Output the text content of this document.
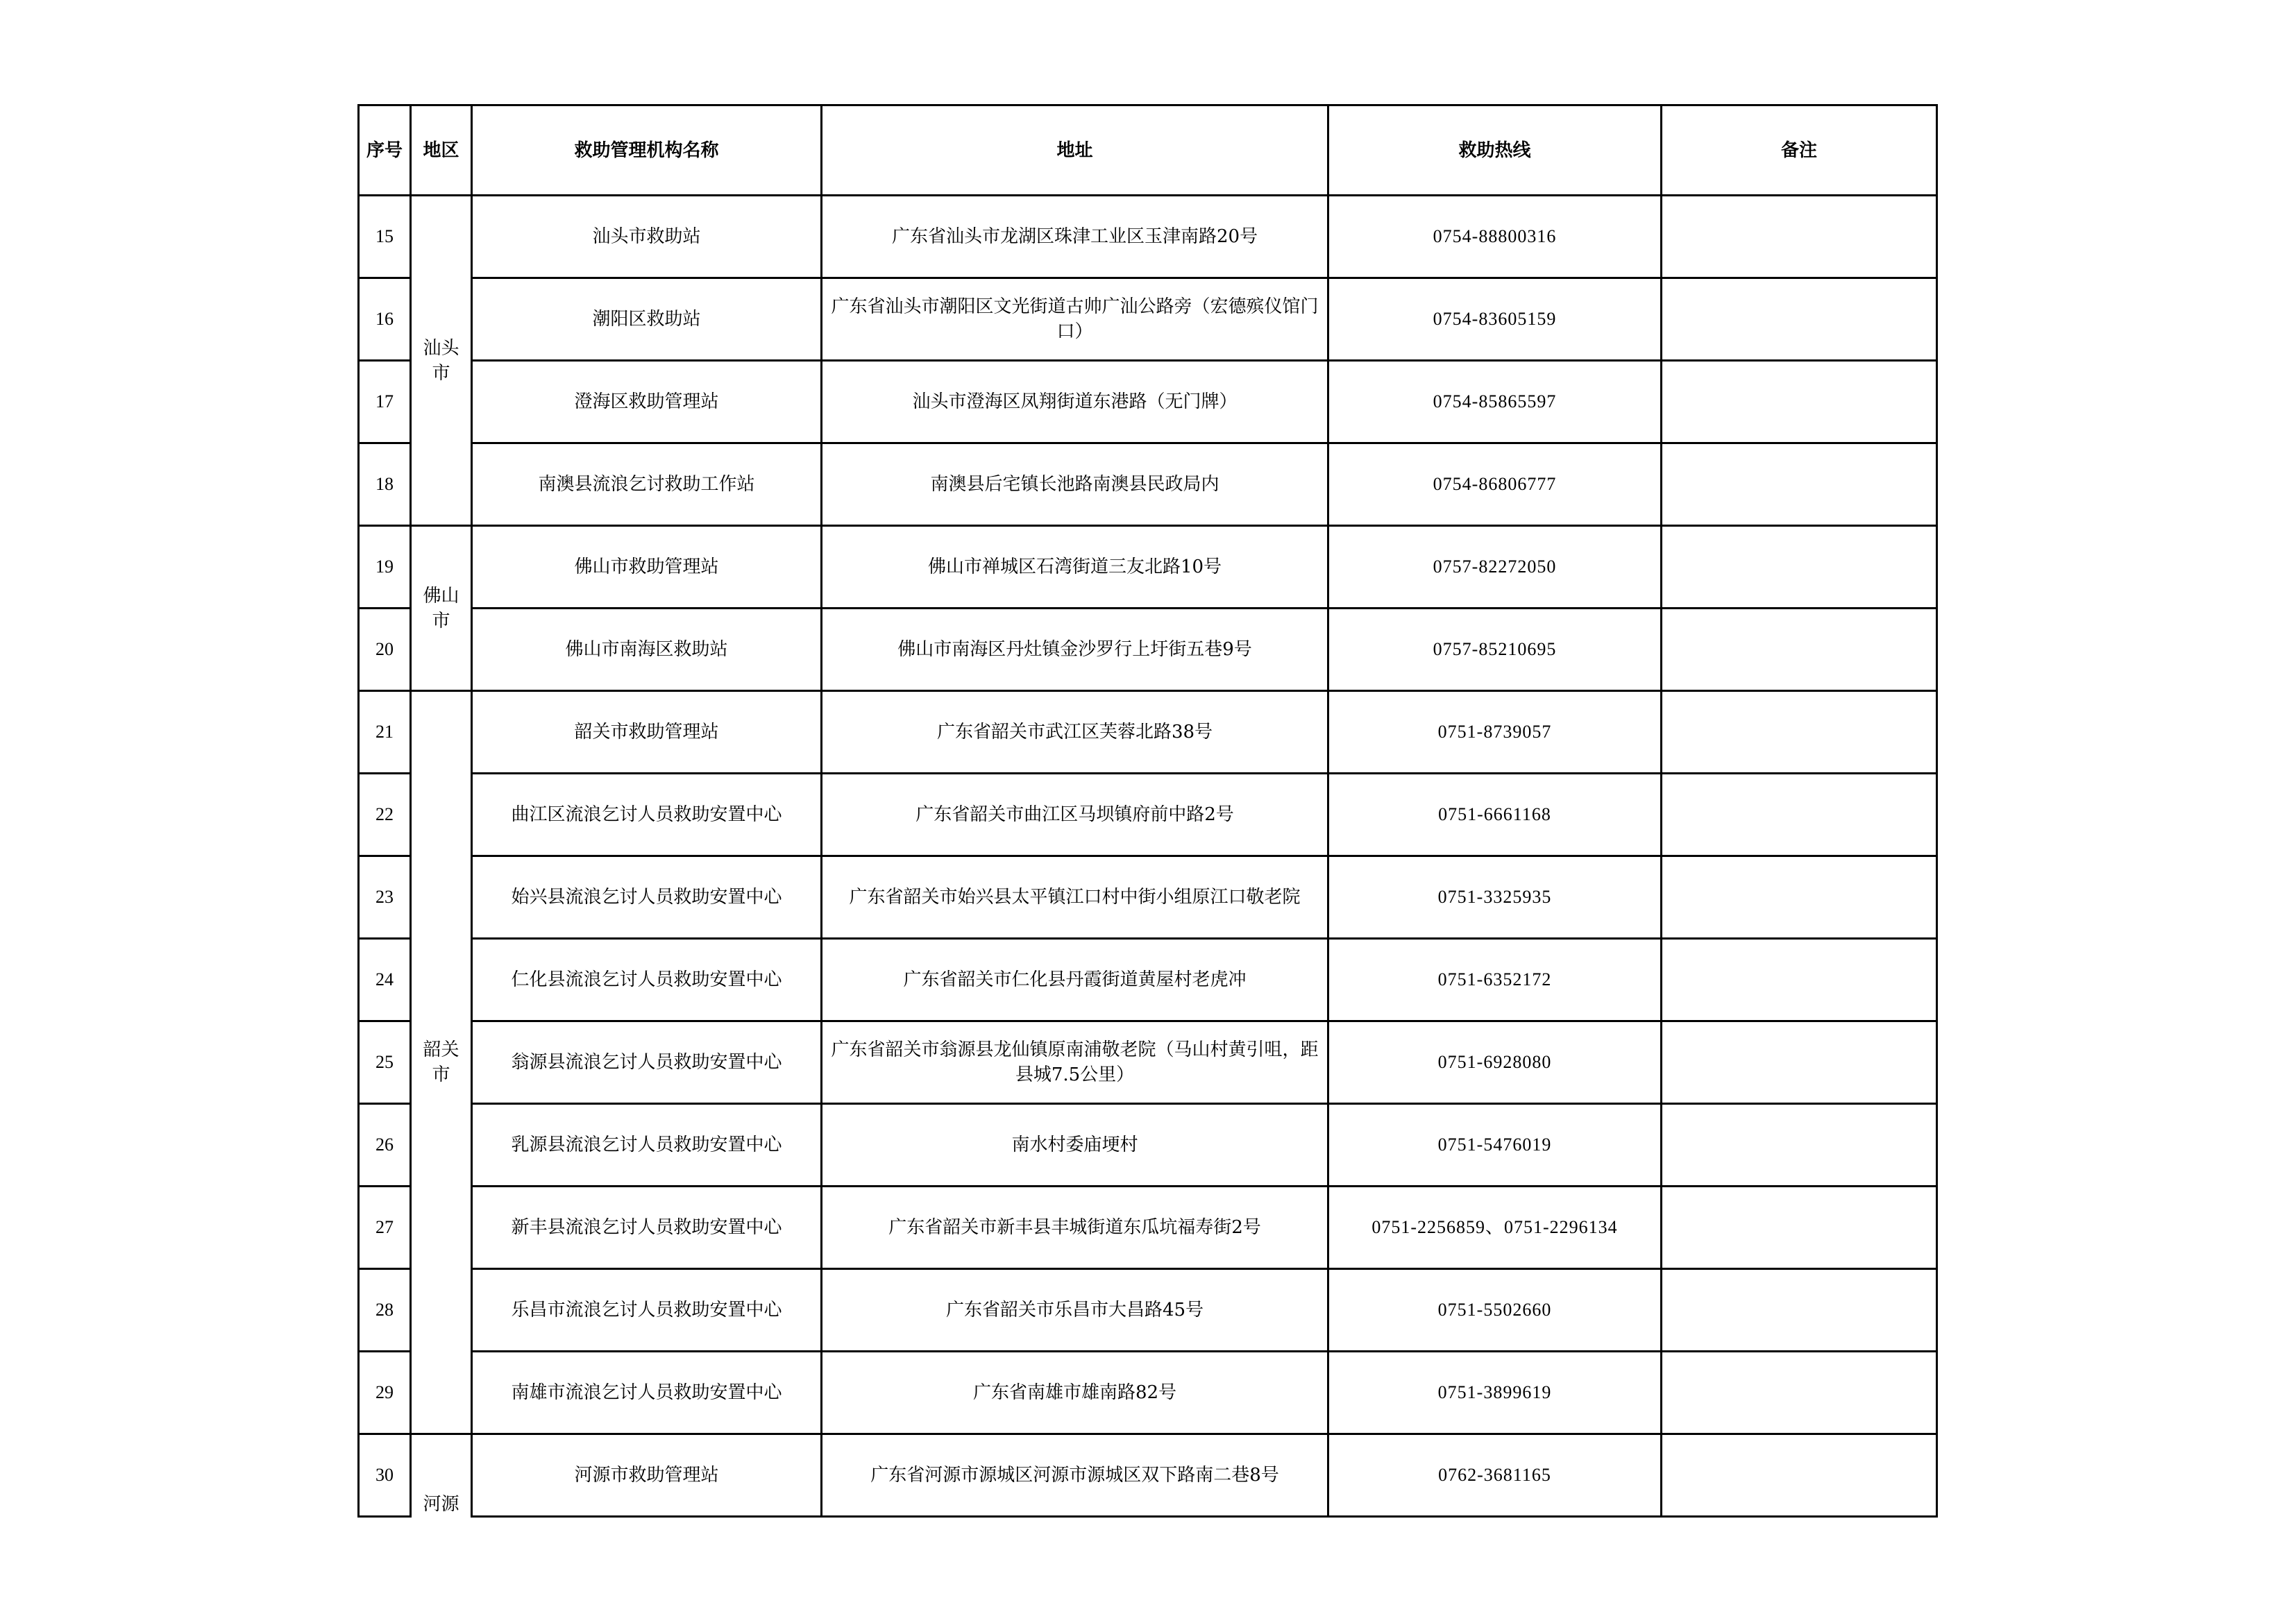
序号	地区	救助管理机构名称	地址	救助热线	备注
15	汕头市	汕头市救助站	广东省汕头市龙湖区珠津工业区玉津南路20号	0754-88800316	
16		潮阳区救助站	广东省汕头市潮阳区文光街道古帅广汕公路旁（宏德殡仪馆门口）	0754-83605159	
17		澄海区救助管理站	汕头市澄海区凤翔街道东港路（无门牌）	0754-85865597	
18		南澳县流浪乞讨救助工作站	南澳县后宅镇长池路南澳县民政局内	0754-86806777	
19	佛山市	佛山市救助管理站	佛山市禅城区石湾街道三友北路10号	0757-82272050	
20		佛山市南海区救助站	佛山市南海区丹灶镇金沙罗行上圩街五巷9号	0757-85210695	
21	韶关市	韶关市救助管理站	广东省韶关市武江区芙蓉北路38号	0751-8739057	
22		曲江区流浪乞讨人员救助安置中心	广东省韶关市曲江区马坝镇府前中路2号	0751-6661168	
23		始兴县流浪乞讨人员救助安置中心	广东省韶关市始兴县太平镇江口村中街小组原江口敬老院	0751-3325935	
24		仁化县流浪乞讨人员救助安置中心	广东省韶关市仁化县丹霞街道黄屋村老虎冲	0751-6352172	
25		翁源县流浪乞讨人员救助安置中心	广东省韶关市翁源县龙仙镇原南浦敬老院（马山村黄引咀，距县城7.5公里）	0751-6928080	
26		乳源县流浪乞讨人员救助安置中心	南水村委庙埂村	0751-5476019	
27		新丰县流浪乞讨人员救助安置中心	广东省韶关市新丰县丰城街道东瓜坑福寿街2号	0751-2256859、0751-2296134	
28		乐昌市流浪乞讨人员救助安置中心	广东省韶关市乐昌市大昌路45号	0751-5502660	
29		南雄市流浪乞讨人员救助安置中心	广东省南雄市雄南路82号	0751-3899619	
30	河源	河源市救助管理站	广东省河源市源城区河源市源城区双下路南二巷8号	0762-3681165	
